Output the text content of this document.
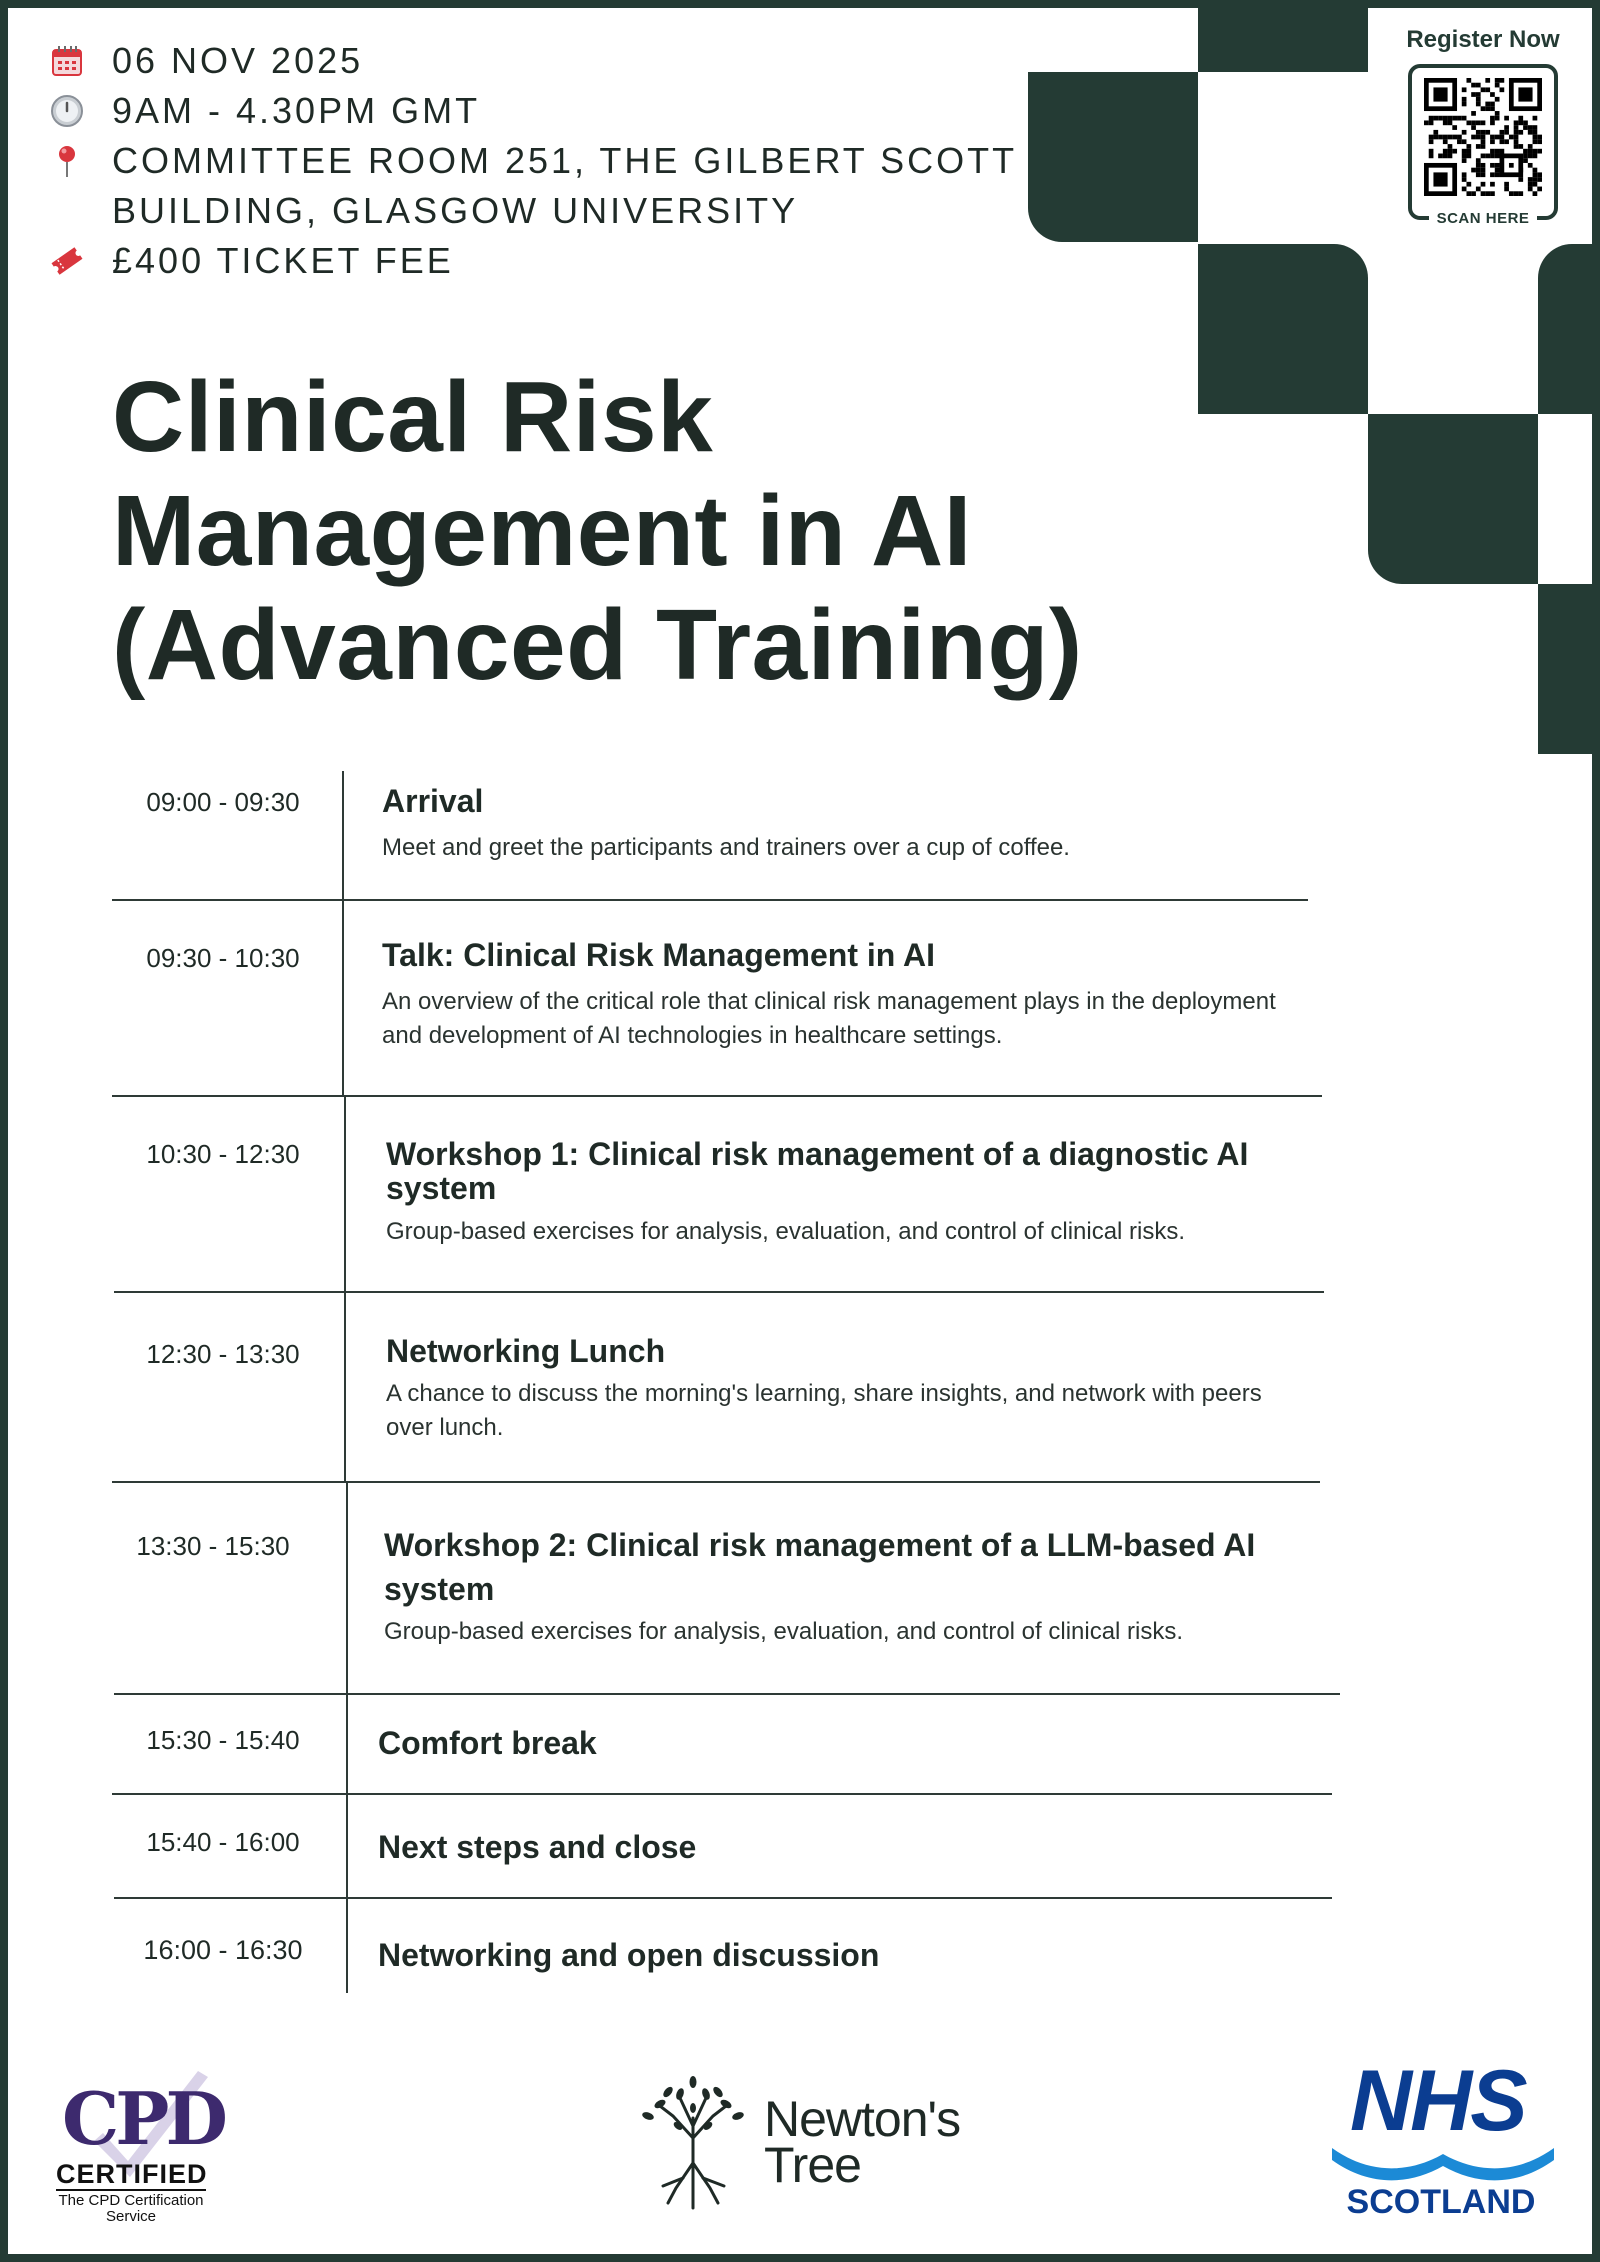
06 NOV 2025
9AM - 4.30PM GMT
COMMITTEE ROOM 251, THE GILBERT SCOTT
BUILDING, GLASGOW UNIVERSITY
£400 TICKET FEE
Register Now
SCAN HERE
Clinical Risk
Management in AI
(Advanced Training)
09:00 - 09:30	Arrival
Meet and greet the participants and trainers over a cup of coffee.
09:30 - 10:30	Talk: Clinical Risk Management in AI
An overview of the critical role that clinical risk management plays in the deployment and development of AI technologies in healthcare settings.
10:30 - 12:30	Workshop 1: Clinical risk management of a diagnostic AI system
Group-based exercises for analysis, evaluation, and control of clinical risks.
12:30 - 13:30	Networking Lunch
A chance to discuss the morning's learning, share insights, and network with peers over lunch.
13:30 - 15:30	Workshop 2: Clinical risk management of a LLM-based AI system
Group-based exercises for analysis, evaluation, and control of clinical risks.
15:30 - 15:40	Comfort break
15:40 - 16:00	Next steps and close
16:00 - 16:30	Networking and open discussion
CPD
CERTIFIED
The CPD Certification
Service
Newton's
Tree
NHS
SCOTLAND
